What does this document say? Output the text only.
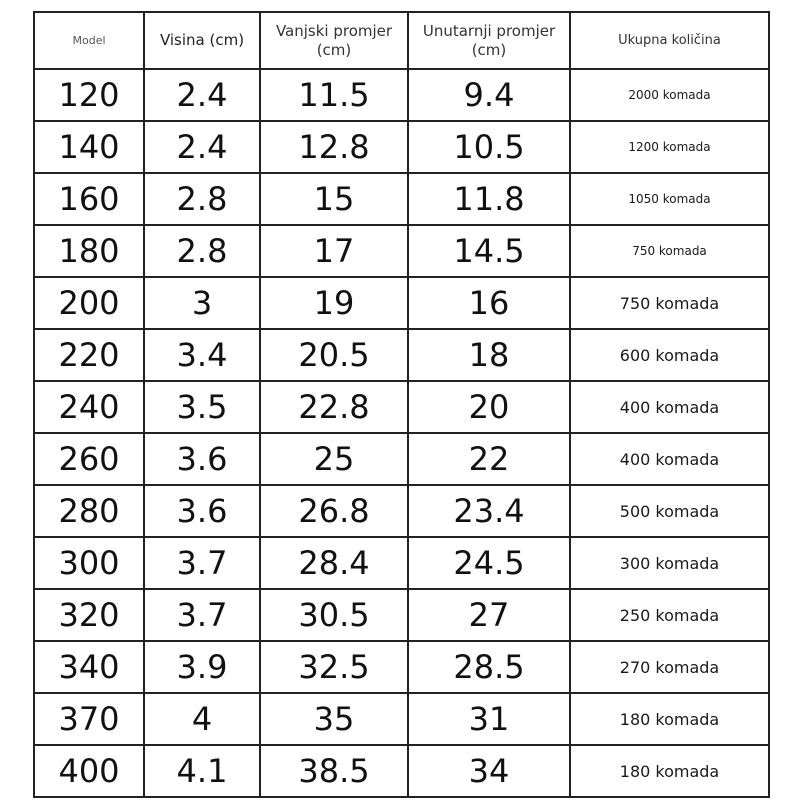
Model	Visina (cm)	Vanjski promjer (cm)	Unutarnji promjer (cm)	Ukupna količina
120	2.4	11.5	9.4	2000 komada
140	2.4	12.8	10.5	1200 komada
160	2.8	15	11.8	1050 komada
180	2.8	17	14.5	750 komada
200	3	19	16	750 komada
220	3.4	20.5	18	600 komada
240	3.5	22.8	20	400 komada
260	3.6	25	22	400 komada
280	3.6	26.8	23.4	500 komada
300	3.7	28.4	24.5	300 komada
320	3.7	30.5	27	250 komada
340	3.9	32.5	28.5	270 komada
370	4	35	31	180 komada
400	4.1	38.5	34	180 komada
